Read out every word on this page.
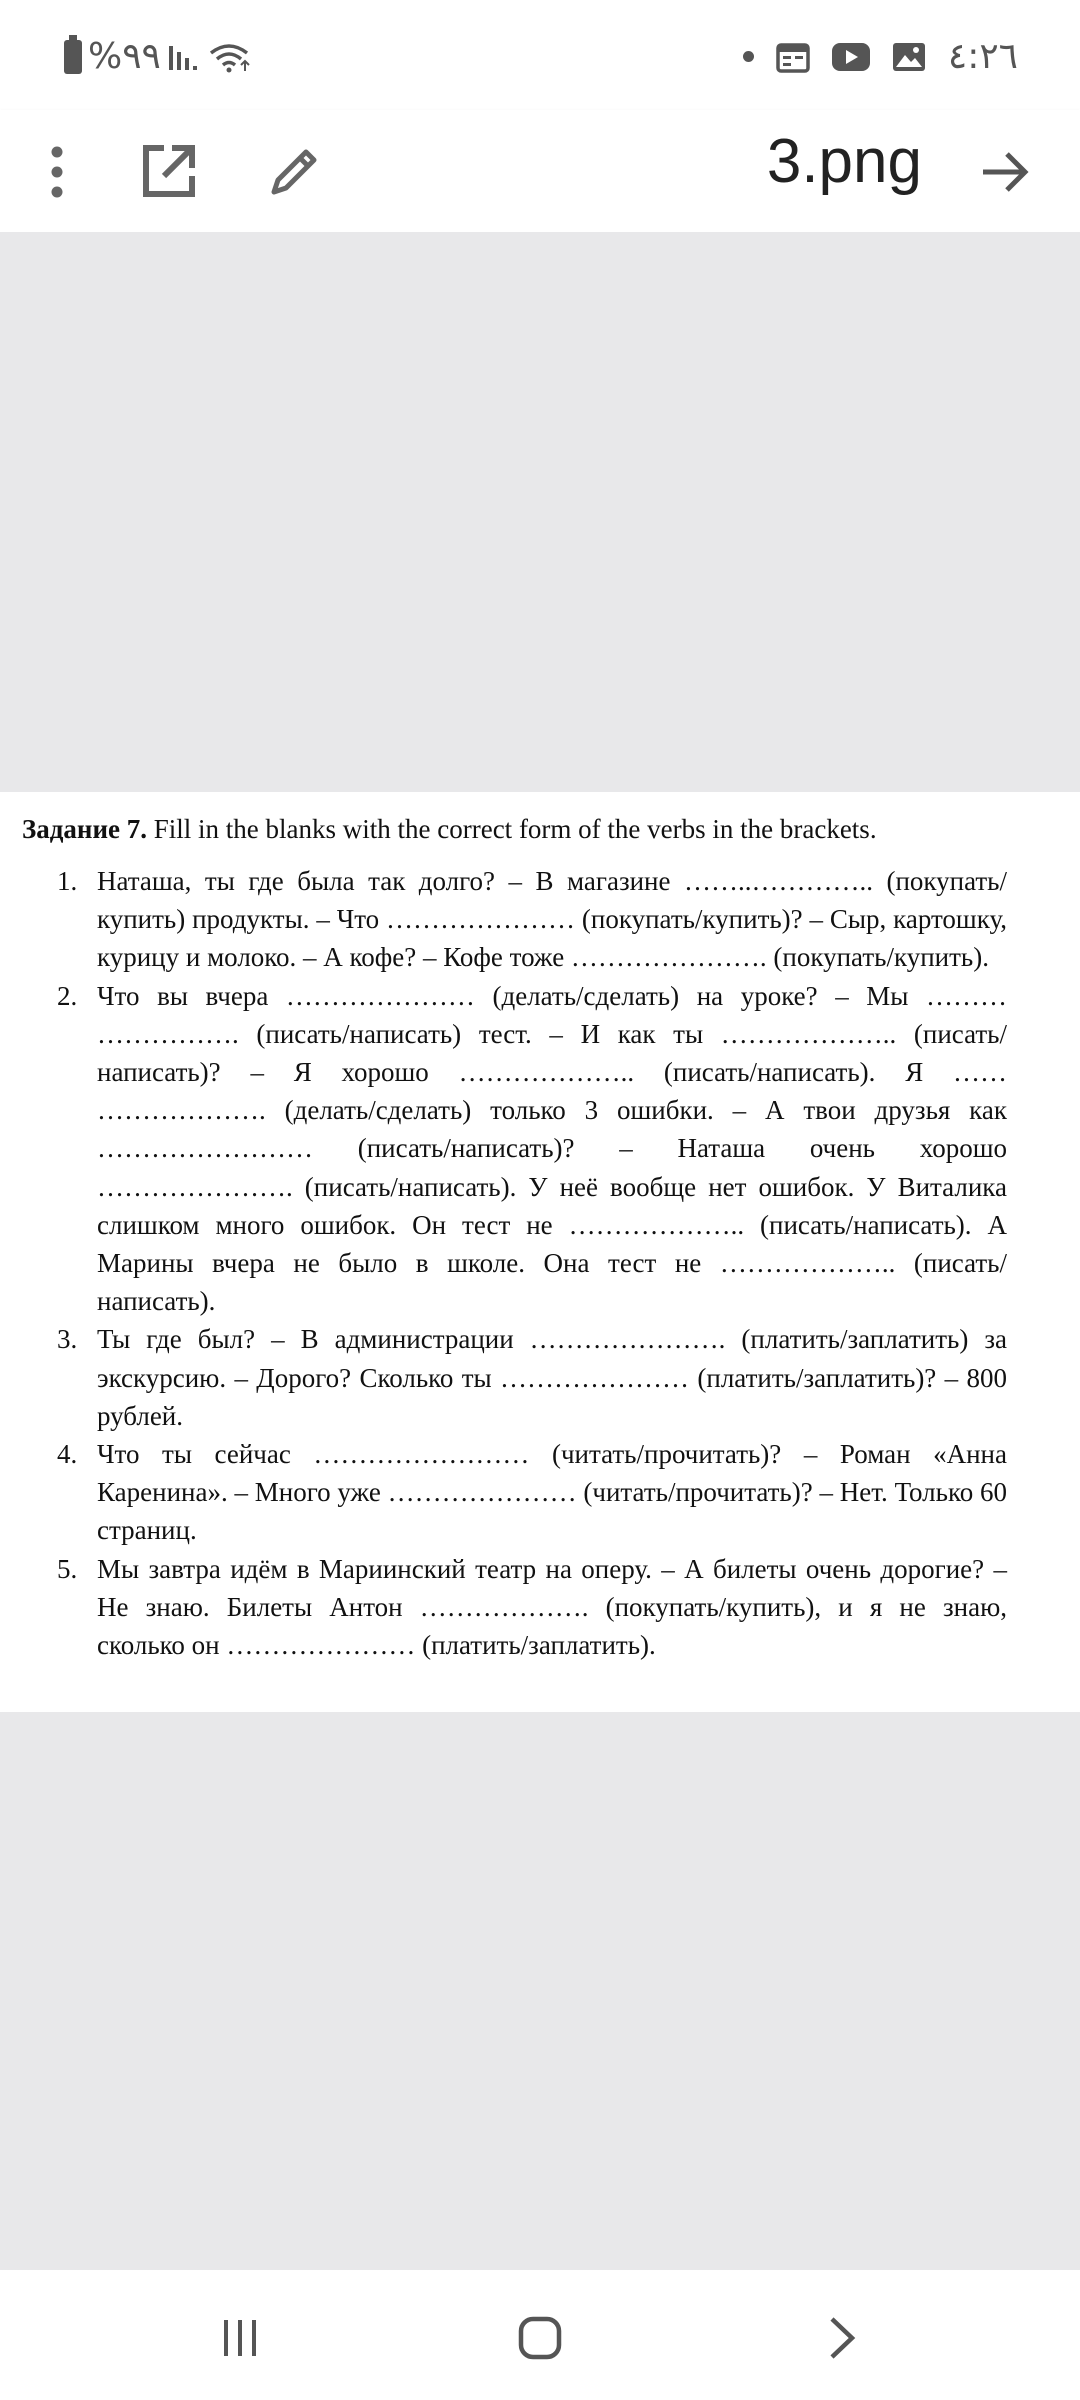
%٩٩	٤:٢٦
3.png
Задание 7. Fill in the blanks with the correct form of the verbs in the brackets.
1. Наташа, ты где была так долго? – В магазине ……..………….. (покупать/купить) продукты. – Что ………………… (покупать/купить)? – Сыр, картошку, курицу и молоко. – А кофе? – Кофе тоже …………………. (покупать/купить).
2. Что вы вчера ………………… (делать/сделать) на уроке? – Мы ……… ……………. (писать/написать) тест. – И как ты ……………….. (писать/написать)? – Я хорошо ……………….. (писать/написать). Я …… ………………. (делать/сделать) только 3 ошибки. – А твои друзья как …………………… (писать/написать)? – Наташа очень хорошо …………………. (писать/написать). У неё вообще нет ошибок. У Виталика слишком много ошибок. Он тест не ……………….. (писать/написать). А Марины вчера не было в школе. Она тест не ……………….. (писать/написать).
3. Ты где был? – В администрации …………………. (платить/заплатить) за экскурсию. – Дорого? Сколько ты ………………… (платить/заплатить)? – 800 рублей.
4. Что ты сейчас …………………… (читать/прочитать)? – Роман «Анна Каренина». – Много уже ………………… (читать/прочитать)? – Нет. Только 60 страниц.
5. Мы завтра идём в Мариинский театр на оперу. – А билеты очень дорогие? – Не знаю. Билеты Антон ………………. (покупать/купить), и я не знаю, сколько он ………………… (платить/заплатить).
